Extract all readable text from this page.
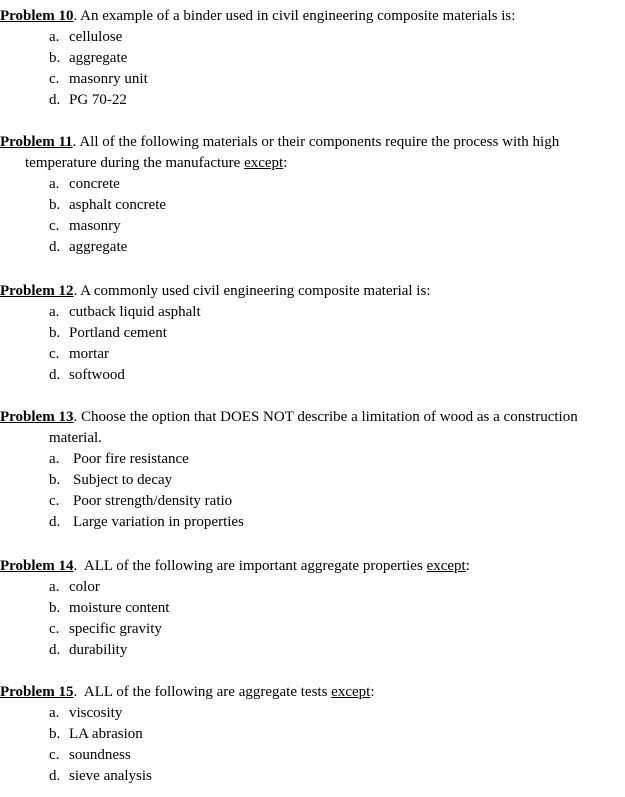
Problem 10. An example of a binder used in civil engineering composite materials is:

a. cellulose
b. aggregate
c. masonry unit
d. PG 70-22

Problem 11. All of the following materials or their components require the process with high
temperature during the manufacture except:

a. concrete
b. asphalt concrete
c. masonry
d. aggregate

Problem 12. A commonly used civil engineering composite material is:

a. cutback liquid asphalt
b. Portland cement
c. mortar
d. softwood

Problem 13. Choose the option that DOES NOT describe a limitation of wood as a construction
material.

a. Poor fire resistance
b. Subject to decay
c. Poor strength/density ratio
d. Large variation in properties

Problem 14.  ALL of the following are important aggregate properties except:

a. color
b. moisture content
c. specific gravity
d. durability

Problem 15.  ALL of the following are aggregate tests except:

a. viscosity
b. LA abrasion
c. soundness
d. sieve analysis
